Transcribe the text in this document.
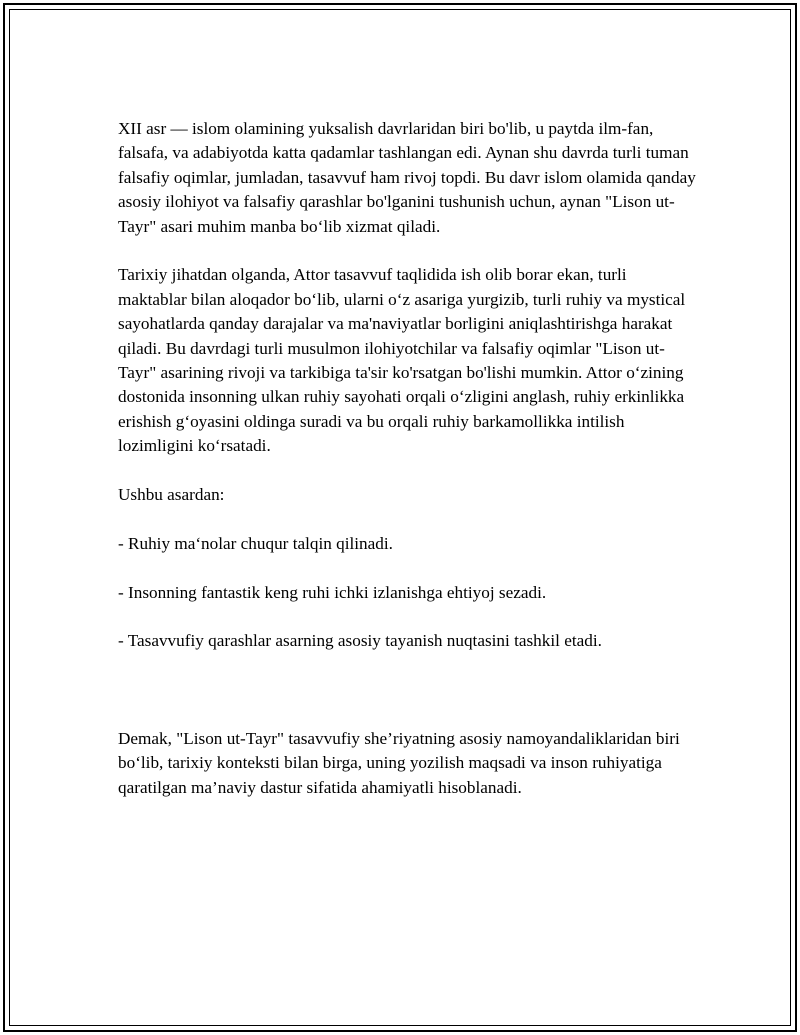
XII asr — islom olamining yuksalish davrlaridan biri bo'lib, u paytda ilm-fan, falsafa, va adabiyotda katta qadamlar tashlangan edi. Aynan shu davrda turli tuman falsafiy oqimlar, jumladan, tasavvuf ham rivoj topdi. Bu davr islom olamida qanday asosiy ilohiyot va falsafiy qarashlar bo'lganini tushunish uchun, aynan "Lison ut-Tayr" asari muhim manba bo‘lib xizmat qiladi.

Tarixiy jihatdan olganda, Attor tasavvuf taqlidida ish olib borar ekan, turli maktablar bilan aloqador bo‘lib, ularni o‘z asariga yurgizib, turli ruhiy va mystical sayohatlarda qanday darajalar va ma'naviyatlar borligini aniqlashtirishga harakat qiladi. Bu davrdagi turli musulmon ilohiyotchilar va falsafiy oqimlar "Lison ut-Tayr" asarining rivoji va tarkibiga ta'sir ko'rsatgan bo'lishi mumkin. Attor o‘zining dostonida insonning ulkan ruhiy sayohati orqali o‘zligini anglash, ruhiy erkinlikka erishish g‘oyasini oldinga suradi va bu orqali ruhiy barkamollikka intilish lozimligini ko‘rsatadi.

Ushbu asardan:

- Ruhiy ma‘nolar chuqur talqin qilinadi.

- Insonning fantastik keng ruhi ichki izlanishga ehtiyoj sezadi.

- Tasavvufiy qarashlar asarning asosiy tayanish nuqtasini tashkil etadi.

Demak, "Lison ut-Tayr" tasavvufiy she’riyatning asosiy namoyandaliklaridan biri bo‘lib, tarixiy konteksti bilan birga, uning yozilish maqsadi va inson ruhiyatiga qaratilgan ma’naviy dastur sifatida ahamiyatli hisoblanadi.
